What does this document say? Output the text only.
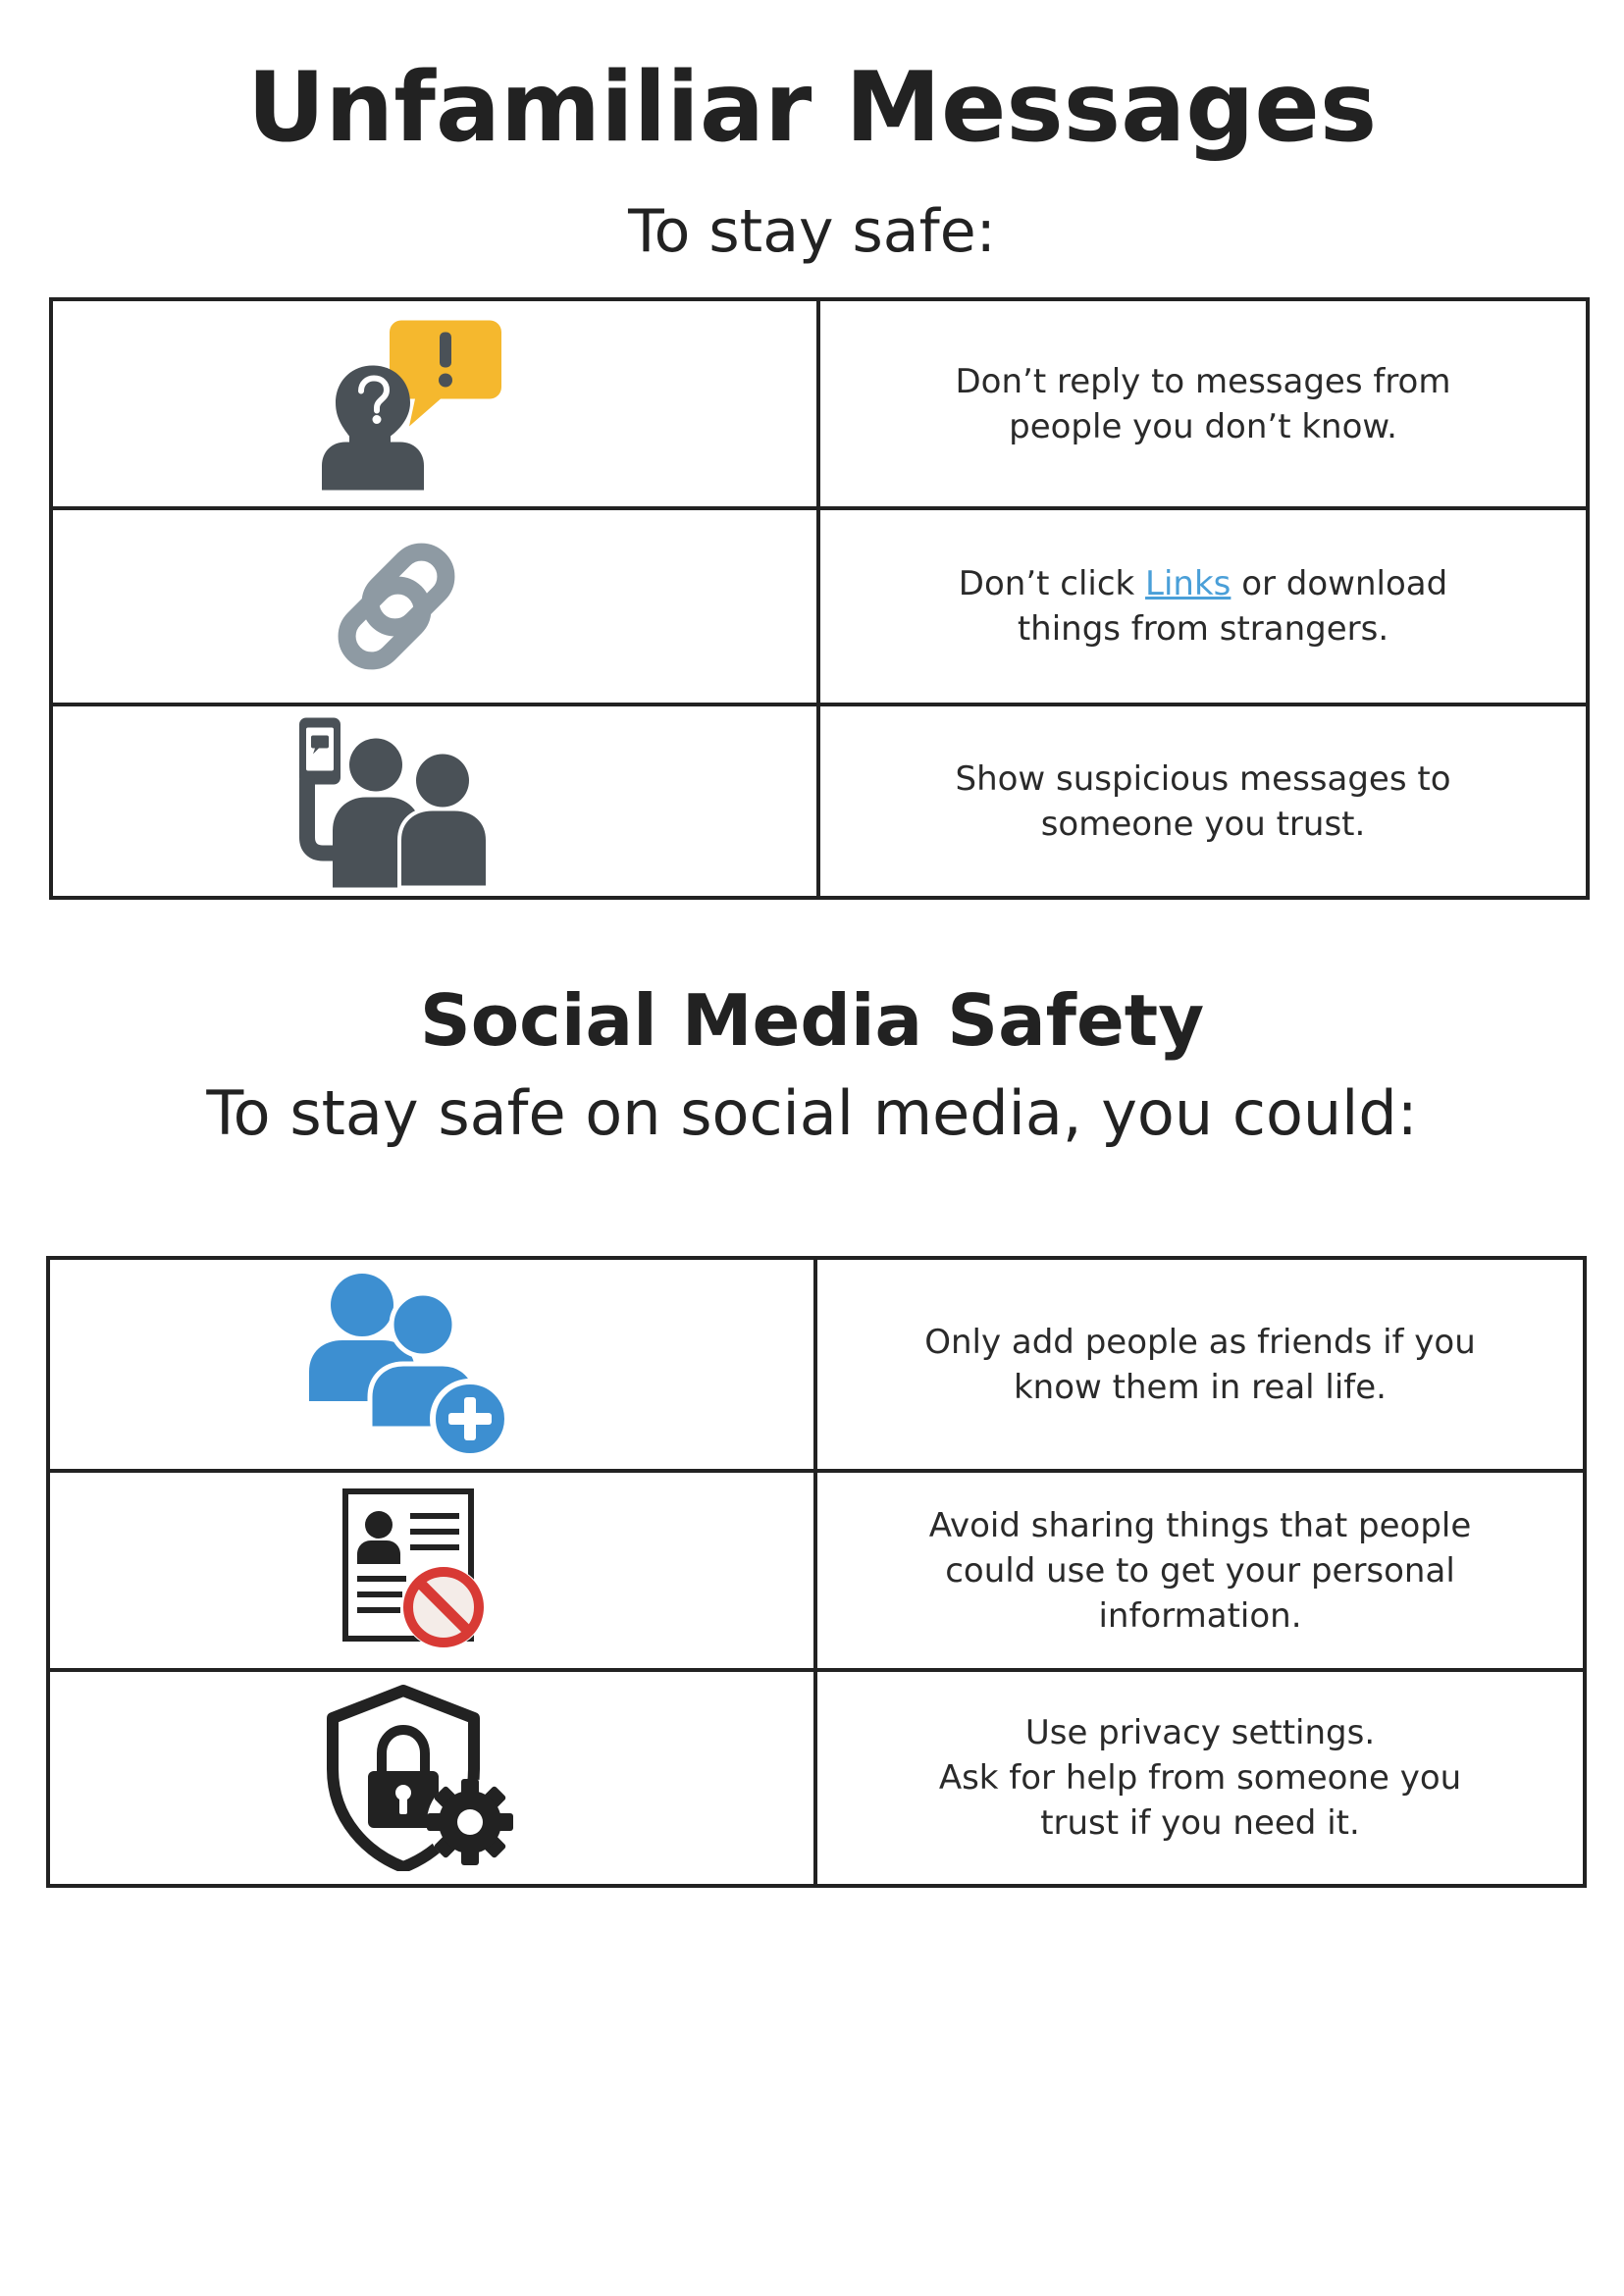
Unfamiliar Messages
To stay safe:

Don’t reply to messages from
people you don’t know.

Don’t click Links or download
things from strangers.

Show suspicious messages to
someone you trust.
Social Media Safety
To stay safe on social media, you could:

Only add people as friends if you
know them in real life.

Avoid sharing things that people
could use to get your personal
information.

Use privacy settings.
Ask for help from someone you
trust if you need it.
